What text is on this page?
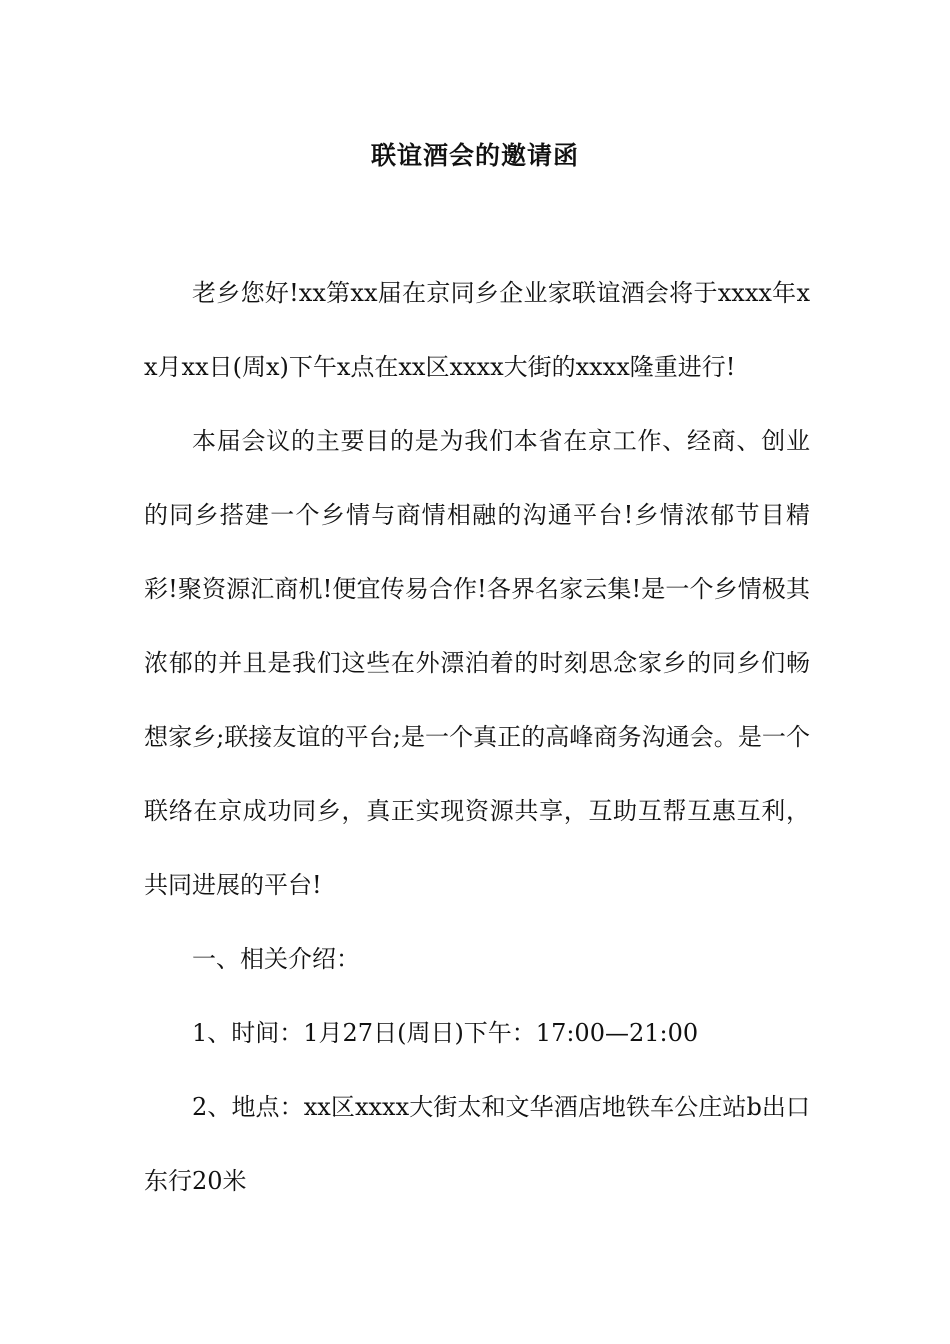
联谊酒会的邀请函

老乡您好!xx第xx届在京同乡企业家联谊酒会将于xxxx年xx月xx日(周x)下午x点在xx区xxxx大街的xxxx隆重进行!

本届会议的主要目的是为我们本省在京工作、经商、创业的同乡搭建一个乡情与商情相融的沟通平台!乡情浓郁节目精彩!聚资源汇商机!便宜传易合作!各界名家云集!是一个乡情极其浓郁的并且是我们这些在外漂泊着的时刻思念家乡的同乡们畅想家乡;联接友谊的平台;是一个真正的高峰商务沟通会。是一个联络在京成功同乡，真正实现资源共享，互助互帮互惠互利，共同进展的平台!

一、相关介绍：

1、时间：1月27日(周日)下午：17:00—21:00

2、地点：xx区xxxx大街太和文华酒店地铁车公庄站b出口东行20米
